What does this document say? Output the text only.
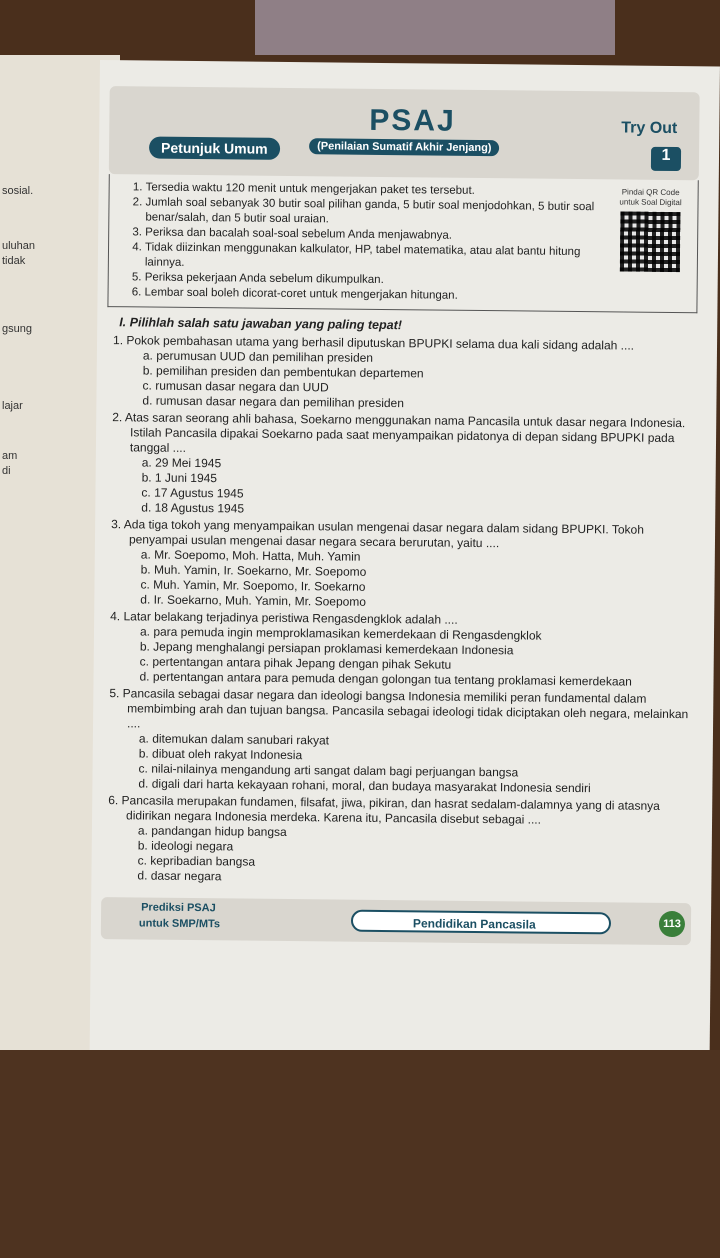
sosial.
uluhan
tidak
gsung
lajar
am
di
Petunjuk Umum
PSAJ
(Penilaian Sumatif Akhir Jenjang)
Try Out
1
1. Tersedia waktu 120 menit untuk mengerjakan paket tes tersebut.
2. Jumlah soal sebanyak 30 butir soal pilihan ganda, 5 butir soal menjodohkan, 5 butir soal benar/salah, dan 5 butir soal uraian.
3. Periksa dan bacalah soal-soal sebelum Anda menjawabnya.
4. Tidak diizinkan menggunakan kalkulator, HP, tabel matematika, atau alat bantu hitung lainnya.
5. Periksa pekerjaan Anda sebelum dikumpulkan.
6. Lembar soal boleh dicorat-coret untuk mengerjakan hitungan.
Pindai QR Code untuk Soal Digital
I. Pilihlah salah satu jawaban yang paling tepat!
1. Pokok pembahasan utama yang berhasil diputuskan BPUPKI selama dua kali sidang adalah ....
a. perumusan UUD dan pemilihan presiden
b. pemilihan presiden dan pembentukan departemen
c. rumusan dasar negara dan UUD
d. rumusan dasar negara dan pemilihan presiden
2. Atas saran seorang ahli bahasa, Soekarno menggunakan nama Pancasila untuk dasar negara Indonesia. Istilah Pancasila dipakai Soekarno pada saat menyampaikan pidatonya di depan sidang BPUPKI pada tanggal ....
a. 29 Mei 1945
b. 1 Juni 1945
c. 17 Agustus 1945
d. 18 Agustus 1945
3. Ada tiga tokoh yang menyampaikan usulan mengenai dasar negara dalam sidang BPUPKI. Tokoh penyampai usulan mengenai dasar negara secara berurutan, yaitu ....
a. Mr. Soepomo, Moh. Hatta, Muh. Yamin
b. Muh. Yamin, Ir. Soekarno, Mr. Soepomo
c. Muh. Yamin, Mr. Soepomo, Ir. Soekarno
d. Ir. Soekarno, Muh. Yamin, Mr. Soepomo
4. Latar belakang terjadinya peristiwa Rengasdengklok adalah ....
a. para pemuda ingin memproklamasikan kemerdekaan di Rengasdengklok
b. Jepang menghalangi persiapan proklamasi kemerdekaan Indonesia
c. pertentangan antara pihak Jepang dengan pihak Sekutu
d. pertentangan antara para pemuda dengan golongan tua tentang proklamasi kemerdekaan
5. Pancasila sebagai dasar negara dan ideologi bangsa Indonesia memiliki peran fundamental dalam membimbing arah dan tujuan bangsa. Pancasila sebagai ideologi tidak diciptakan oleh negara, melainkan ....
a. ditemukan dalam sanubari rakyat
b. dibuat oleh rakyat Indonesia
c. nilai-nilainya mengandung arti sangat dalam bagi perjuangan bangsa
d. digali dari harta kekayaan rohani, moral, dan budaya masyarakat Indonesia sendiri
6. Pancasila merupakan fundamen, filsafat, jiwa, pikiran, dan hasrat sedalam-dalamnya yang di atasnya didirikan negara Indonesia merdeka. Karena itu, Pancasila disebut sebagai ....
a. pandangan hidup bangsa
b. ideologi negara
c. kepribadian bangsa
d. dasar negara
Prediksi PSAJ
untuk SMP/MTs	Pendidikan Pancasila	113
